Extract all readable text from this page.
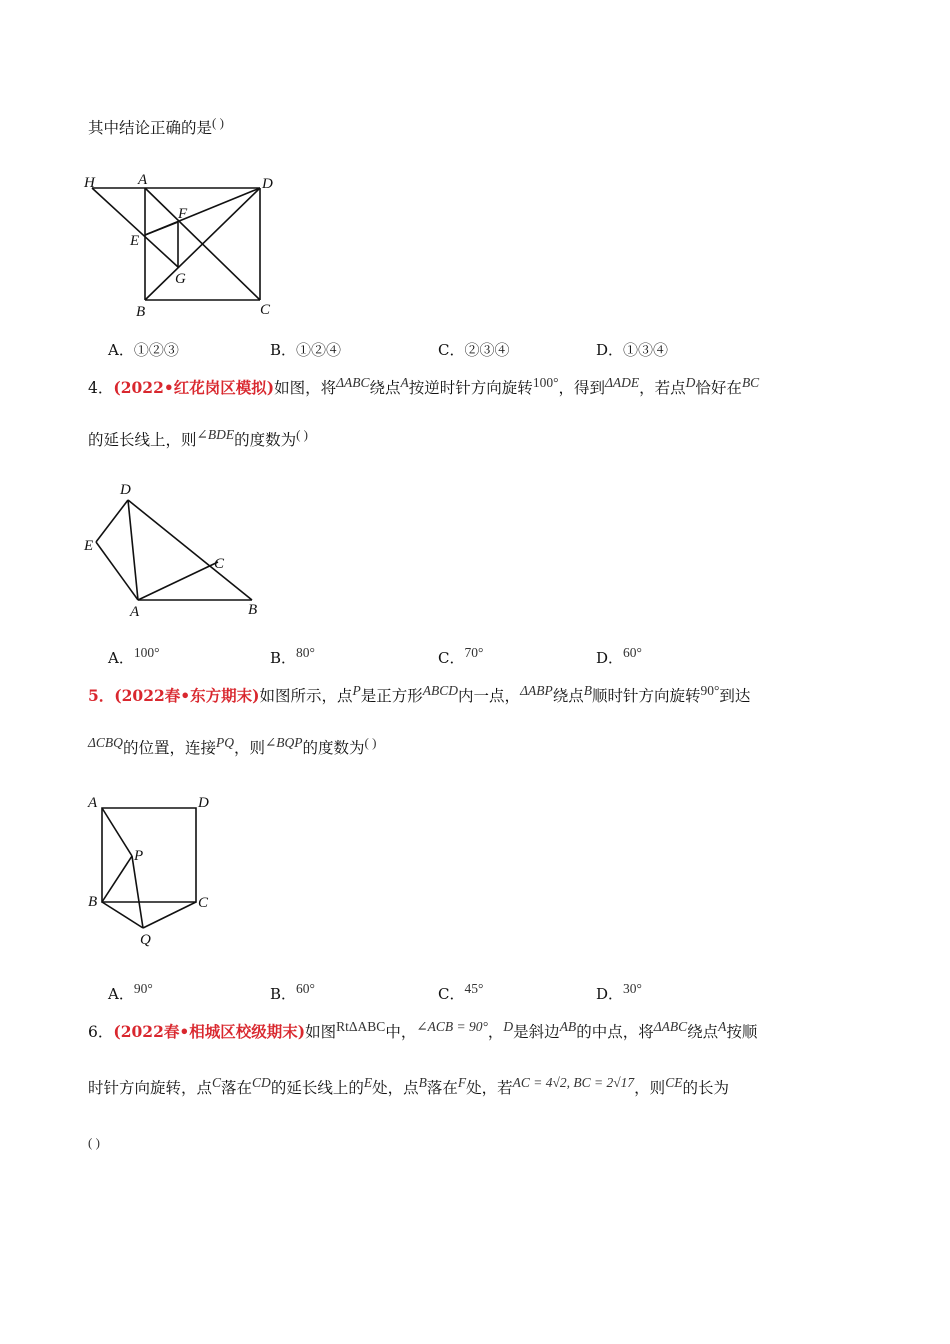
其中结论正确的是( )
H	A	D
F
E
G
B	C
A．①②③	B．①②④	C．②③④	D．①③④
4．(2022•红花岗区模拟)如图，将ΔABC绕点A按逆时针方向旋转100°，得到ΔADE，若点D恰好在BC
的延长线上，则∠BDE的度数为( )
D
E
C
A	B
A．100°	B．80°	C．70°	D．60°
5．(2022春•东方期末)如图所示，点P是正方形ABCD内一点，ΔABP绕点B顺时针方向旋转90°到达
ΔCBQ的位置，连接PQ，则∠BQP的度数为( )
A	D
P
B	C
Q
A．90°	B．60°	C．45°	D．30°
6．(2022春•相城区校级期末)如图RtΔABC中，∠ACB = 90°，D是斜边AB的中点，将ΔABC绕点A按顺
时针方向旋转，点C落在CD的延长线上的E处，点B落在F处，若AC = 4√2, BC = 2√17，则CE的长为
( )
